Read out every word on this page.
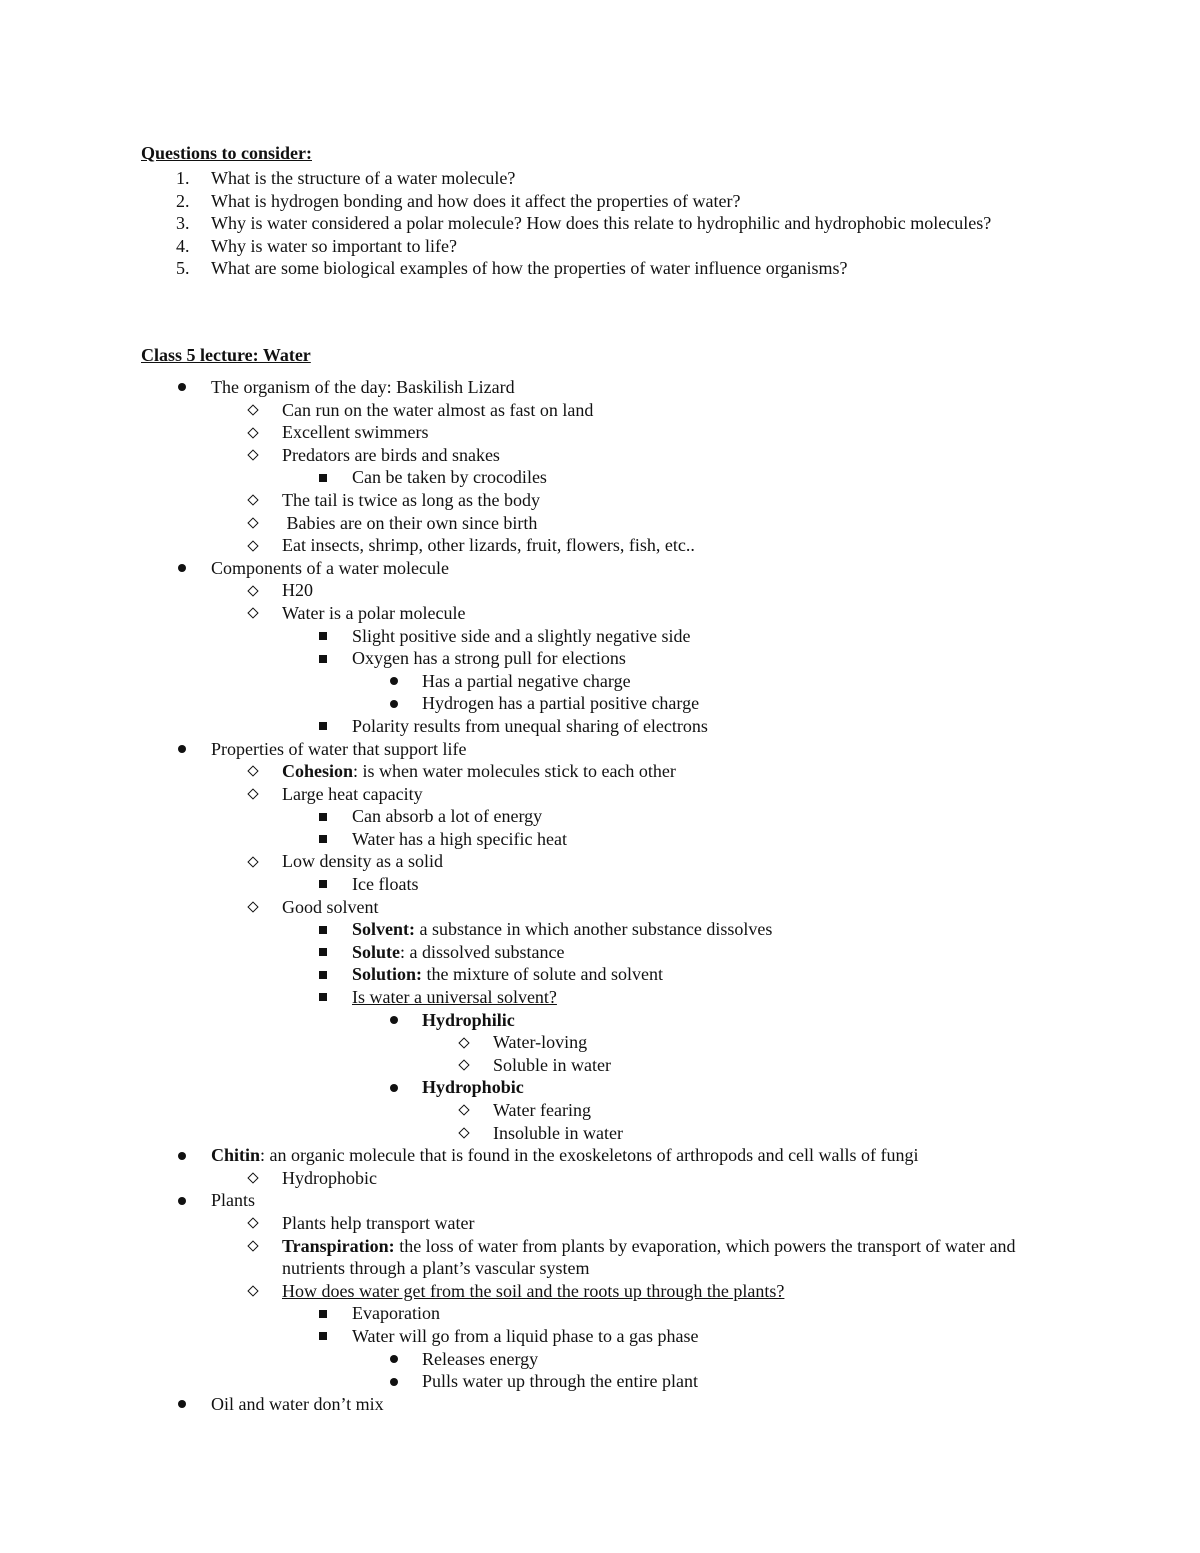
Questions to consider:
1. What is the structure of a water molecule?
2. What is hydrogen bonding and how does it affect the properties of water?
3. Why is water considered a polar molecule? How does this relate to hydrophilic and hydrophobic molecules?
4. Why is water so important to life?
5. What are some biological examples of how the properties of water influence organisms?
Class 5 lecture: Water
The organism of the day: Baskilish Lizard
Can run on the water almost as fast on land
Excellent swimmers
Predators are birds and snakes
Can be taken by crocodiles
The tail is twice as long as the body
Babies are on their own since birth
Eat insects, shrimp, other lizards, fruit, flowers, fish, etc..
Components of a water molecule
H20
Water is a polar molecule
Slight positive side and a slightly negative side
Oxygen has a strong pull for elections
Has a partial negative charge
Hydrogen has a partial positive charge
Polarity results from unequal sharing of electrons
Properties of water that support life
Cohesion: is when water molecules stick to each other
Large heat capacity
Can absorb a lot of energy
Water has a high specific heat
Low density as a solid
Ice floats
Good solvent
Solvent: a substance in which another substance dissolves
Solute: a dissolved substance
Solution: the mixture of solute and solvent
Is water a universal solvent?
Hydrophilic
Water-loving
Soluble in water
Hydrophobic
Water fearing
Insoluble in water
Chitin: an organic molecule that is found in the exoskeletons of arthropods and cell walls of fungi
Hydrophobic
Plants
Plants help transport water
Transpiration: the loss of water from plants by evaporation, which powers the transport of water and nutrients through a plant’s vascular system
How does water get from the soil and the roots up through the plants?
Evaporation
Water will go from a liquid phase to a gas phase
Releases energy
Pulls water up through the entire plant
Oil and water don’t mix
